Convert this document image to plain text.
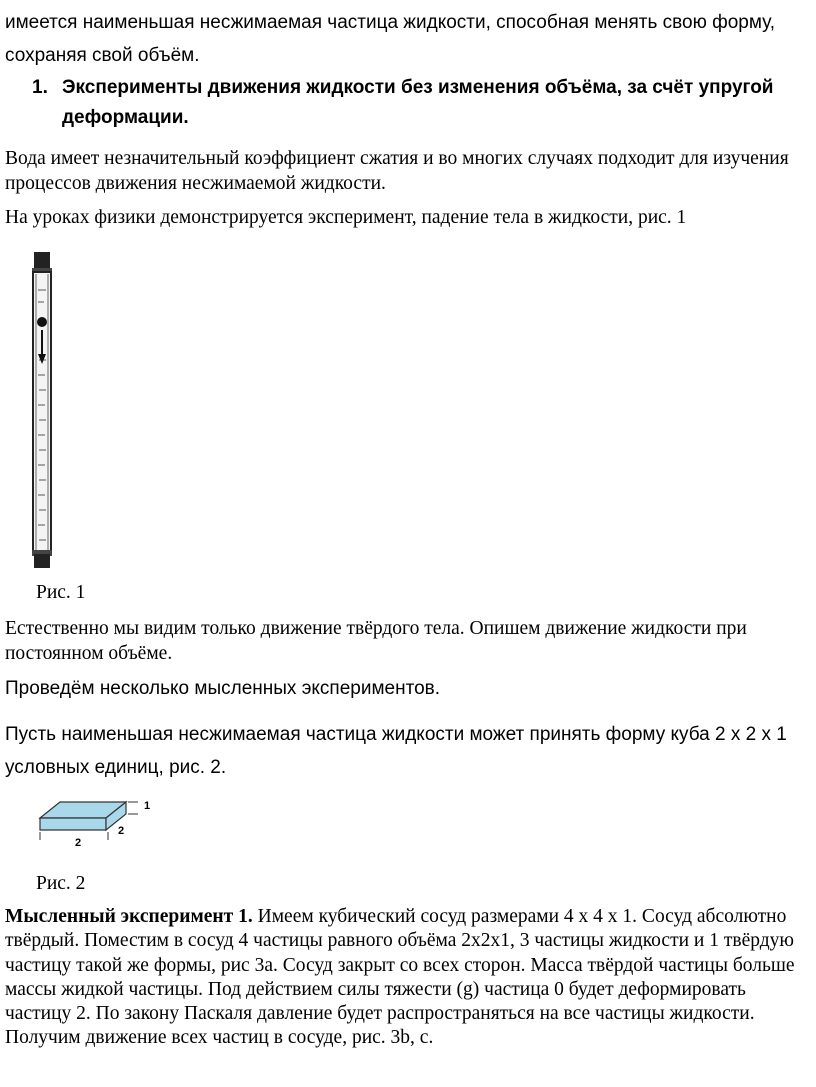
имеется наименьшая несжимаемая частица жидкости, способная менять свою форму, сохраняя свой объём.

1. Эксперименты движения жидкости без изменения объёма, за счёт упругой деформации.

Вода имеет незначительный коэффициент сжатия и во многих случаях подходит для изучения процессов движения несжимаемой жидкости.

На уроках физики демонстрируется эксперимент, падение тела в жидкости, рис. 1

Рис. 1

Естественно мы видим только движение твёрдого тела. Опишем движение жидкости при постоянном объёме.

Проведём несколько мысленных экспериментов.

Пусть наименьшая несжимаемая частица жидкости может принять форму куба 2 х 2 х 1 условных единиц, рис. 2.

1
2
2
Рис. 2

Мысленный эксперимент 1. Имеем кубический сосуд размерами 4 х 4 х 1. Сосуд абсолютно твёрдый. Поместим в сосуд 4 частицы равного объёма 2х2х1, 3 частицы жидкости и 1 твёрдую частицу такой же формы, рис 3а. Сосуд закрыт со всех сторон. Масса твёрдой частицы больше массы жидкой частицы. Под действием силы тяжести (g) частица 0 будет деформировать частицу 2. По закону Паскаля давление будет распространяться на все частицы жидкости. Получим движение всех частиц в сосуде, рис. 3b, c.
